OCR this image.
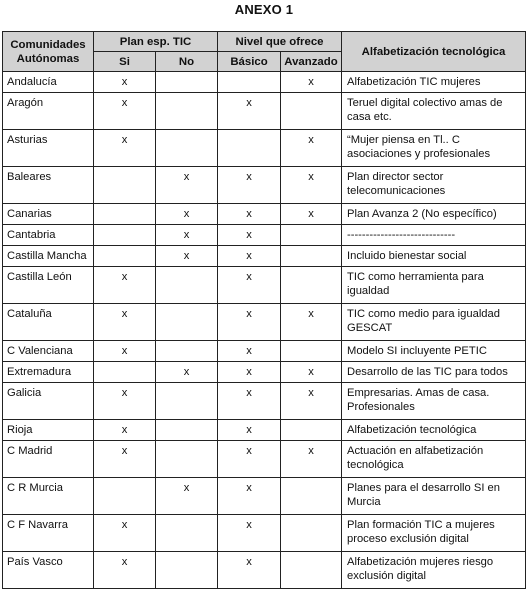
ANEXO 1
Comunidades Autónomas	Plan esp. TIC		Nivel que ofrece		Alfabetización tecnológica
	Si	No	Básico	Avanzado	
Andalucía	x			x	Alfabetización TIC mujeres
Aragón	x		x		Teruel digital colectivo amas de casa etc.
Asturias	x			x	“Mujer piensa en Tl.. C asociaciones y profesionales
Baleares		x	x	x	Plan director sector telecomunicaciones
Canarias		x	x	x	Plan Avanza 2 (No específico)
Cantabria		x	x		-----------------------------
Castilla Mancha		x	x		Incluido bienestar social
Castilla León	x		x		TIC como herramienta para igualdad
Cataluña	x		x	x	TIC como medio para igualdad GESCAT
C Valenciana	x		x		Modelo SI incluyente PETIC
Extremadura		x	x	x	Desarrollo de las TIC para todos
Galicia	x		x	x	Empresarias. Amas de casa. Profesionales
Rioja	x		x		Alfabetización tecnológica
C Madrid	x		x	x	Actuación en alfabetización tecnológica
C R Murcia		x	x		Planes para el desarrollo SI en Murcia
C F Navarra	x		x		Plan formación TIC a mujeres proceso exclusión digital
País Vasco	x		x		Alfabetización mujeres riesgo exclusión digital
